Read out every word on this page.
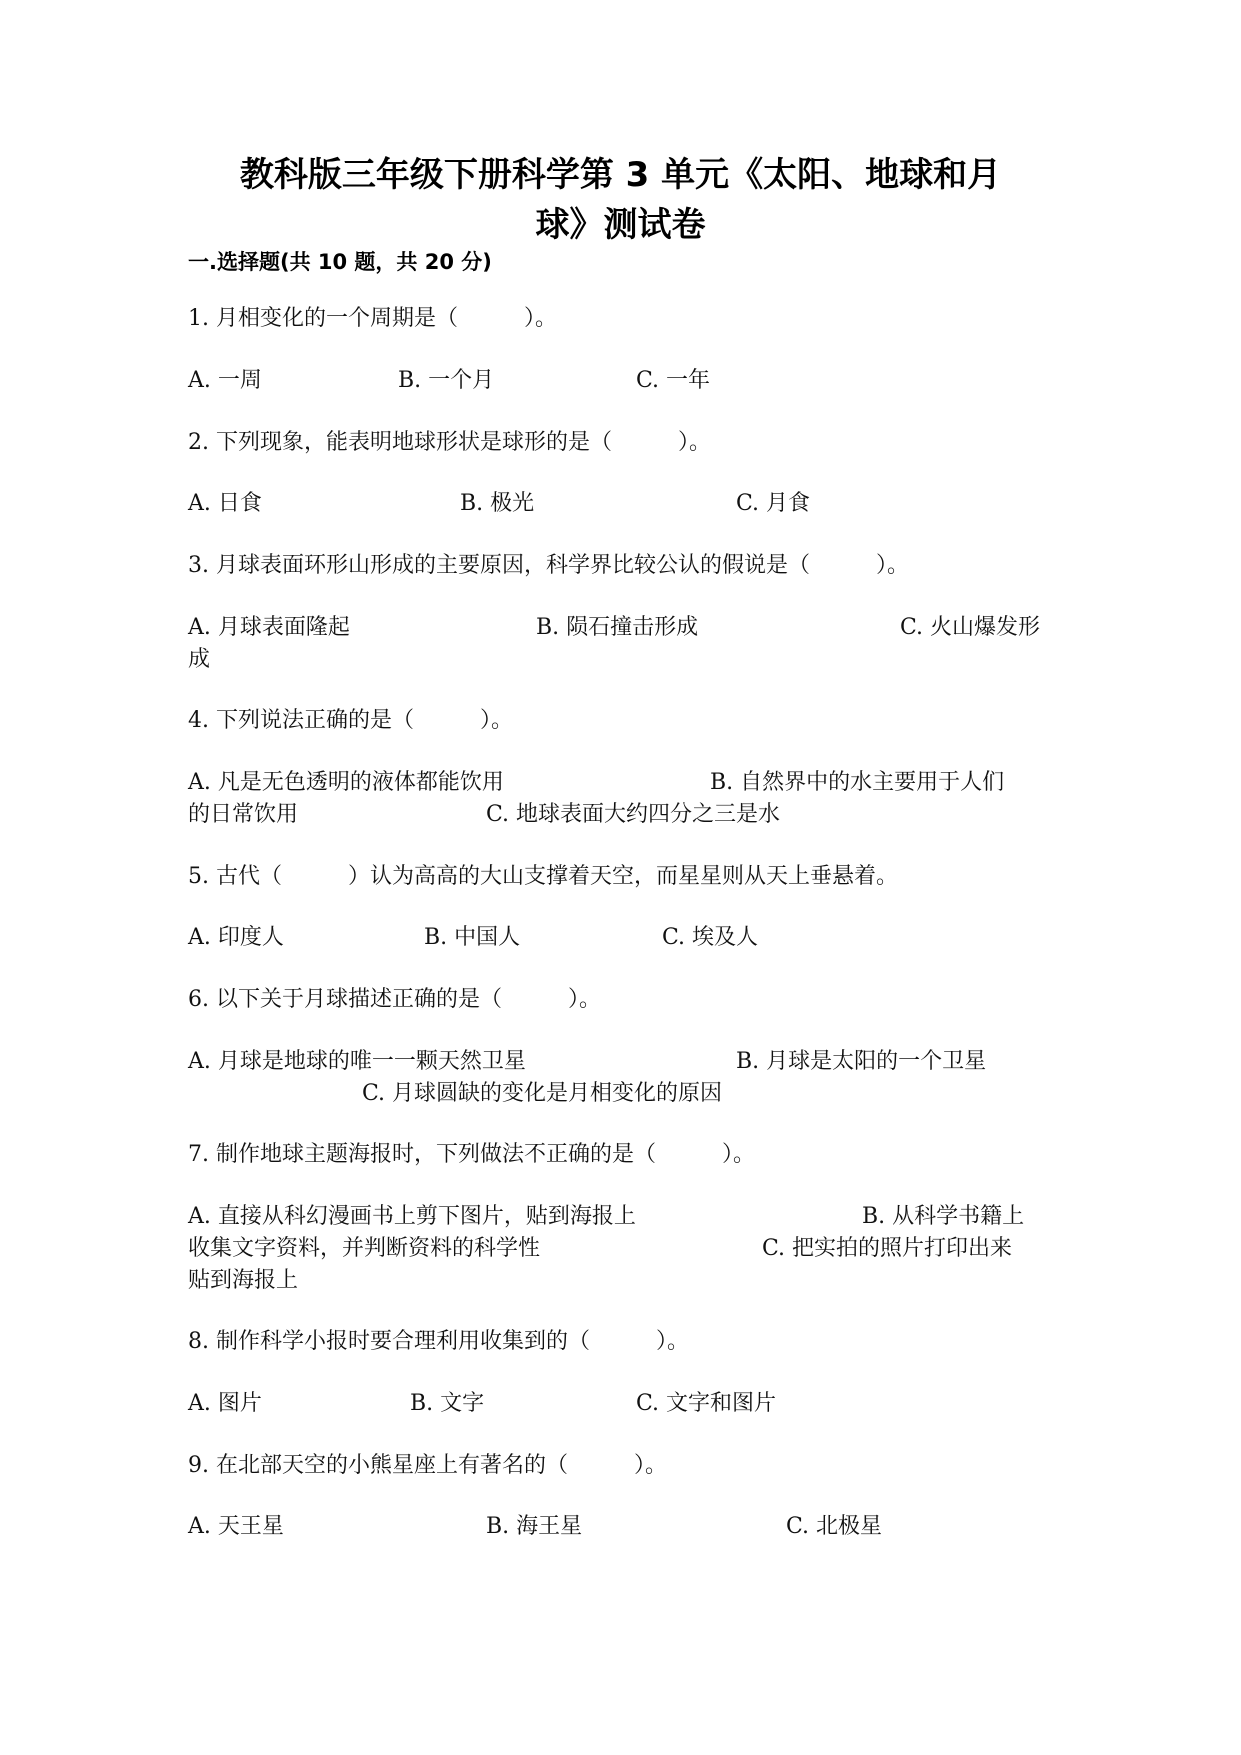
教科版三年级下册科学第 3 单元《太阳、地球和月
球》测试卷
一.选择题(共 10 题，共 20 分)
1. 月相变化的一个周期是（　　　）。
A. 一周	B. 一个月	C. 一年
2. 下列现象，能表明地球形状是球形的是（　　　）。
A. 日食	B. 极光	C. 月食
3. 月球表面环形山形成的主要原因，科学界比较公认的假说是（　　　）。
A. 月球表面隆起	B. 陨石撞击形成	C. 火山爆发形
成
4. 下列说法正确的是（　　　）。
A. 凡是无色透明的液体都能饮用	B. 自然界中的水主要用于人们
的日常饮用	C. 地球表面大约四分之三是水
5. 古代（　　　）认为高高的大山支撑着天空，而星星则从天上垂悬着。
A. 印度人	B. 中国人	C. 埃及人
6. 以下关于月球描述正确的是（　　　）。
A. 月球是地球的唯一一颗天然卫星	B. 月球是太阳的一个卫星
C. 月球圆缺的变化是月相变化的原因
7. 制作地球主题海报时，下列做法不正确的是（　　　）。
A. 直接从科幻漫画书上剪下图片，贴到海报上	B. 从科学书籍上
收集文字资料，并判断资料的科学性	C. 把实拍的照片打印出来
贴到海报上
8. 制作科学小报时要合理利用收集到的（　　　）。
A. 图片	B. 文字	C. 文字和图片
9. 在北部天空的小熊星座上有著名的（　　　）。
A. 天王星	B. 海王星	C. 北极星
